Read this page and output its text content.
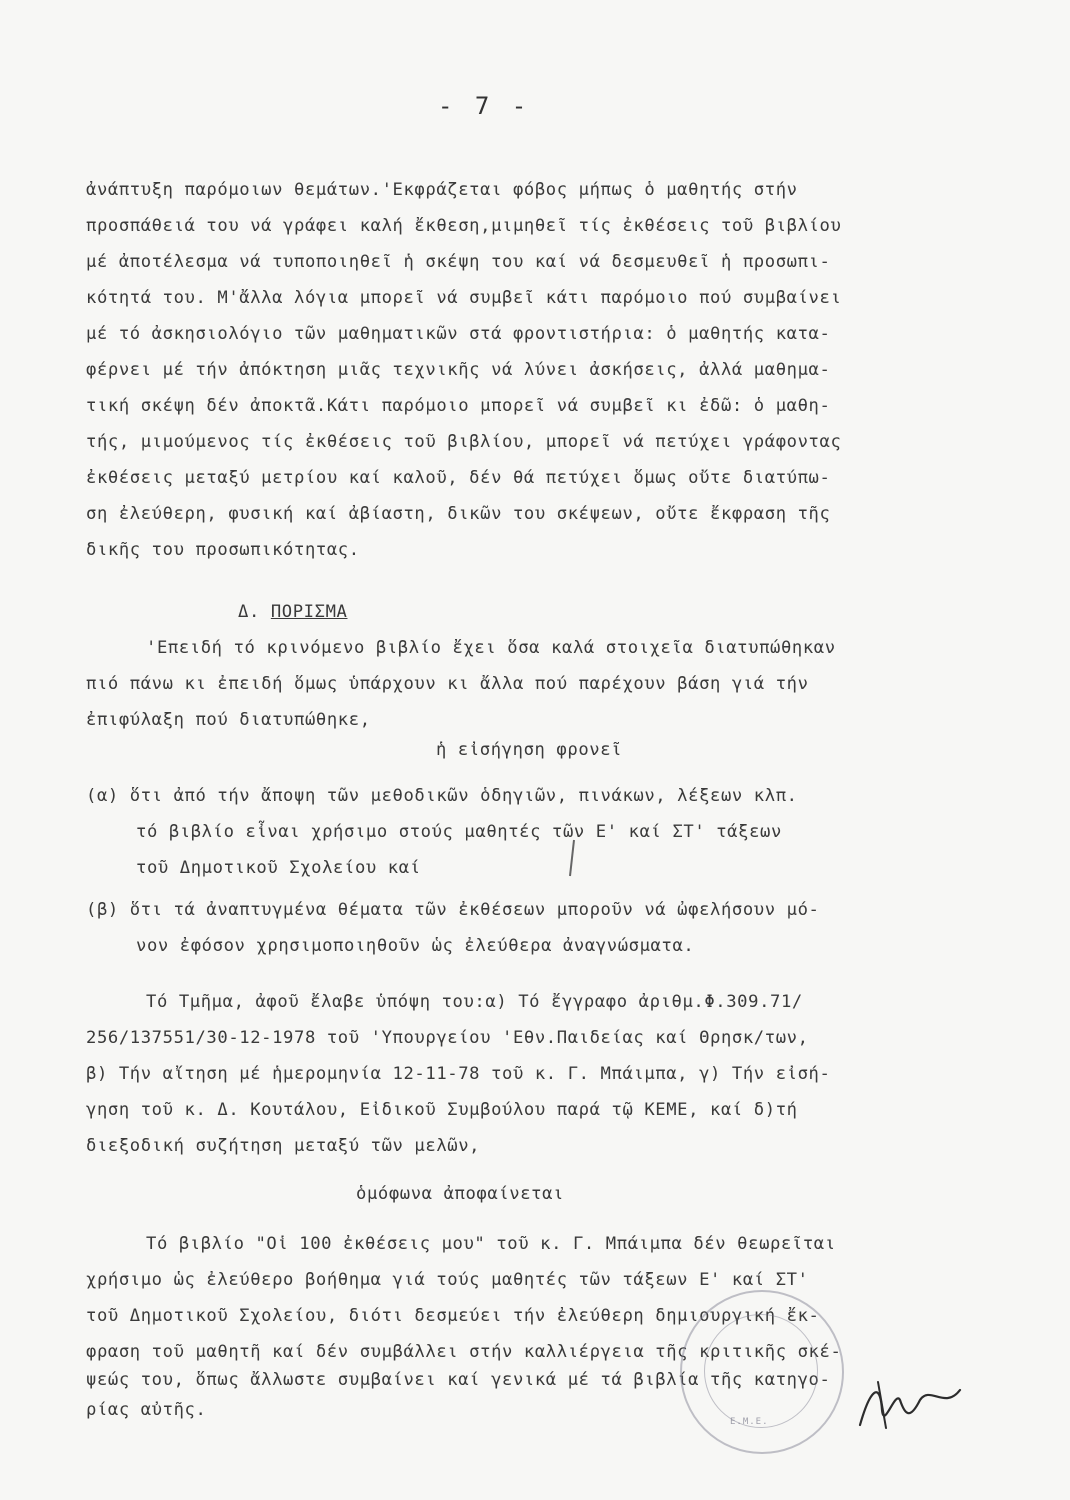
- 7 -
ἀνάπτυξη παρόμοιων θεμάτων.'Εκφράζεται φόβος μήπως ὁ μαθητής στήν
προσπάθειά του νά γράφει καλή ἔκθεση,μιμηθεῖ τίς ἐκθέσεις τοῦ βιβλίου
μέ ἀποτέλεσμα νά τυποποιηθεῖ ἡ σκέψη του καί νά δεσμευθεῖ ἡ προσωπι-
κότητά του. Μ'ἄλλα λόγια μπορεῖ νά συμβεῖ κάτι παρόμοιο πού συμβαίνει
μέ τό ἀσκησιολόγιο τῶν μαθηματικῶν στά φροντιστήρια: ὁ μαθητής κατα-
φέρνει μέ τήν ἀπόκτηση μιᾶς τεχνικῆς νά λύνει ἀσκήσεις, ἀλλά μαθημα-
τική σκέψη δέν ἀποκτᾶ.Κάτι παρόμοιο μπορεῖ νά συμβεῖ κι ἐδῶ: ὁ μαθη-
τής, μιμούμενος τίς ἐκθέσεις τοῦ βιβλίου, μπορεῖ νά πετύχει γράφοντας
ἐκθέσεις μεταξύ μετρίου καί καλοῦ, δέν θά πετύχει ὅμως οὔτε διατύπω-
ση ἐλεύθερη, φυσική καί ἀβίαστη, δικῶν του σκέψεων, οὔτε ἔκφραση τῆς
δικῆς του προσωπικότητας.
Δ. ΠΟΡΙΣΜΑ
'Επειδή τό κρινόμενο βιβλίο ἔχει ὅσα καλά στοιχεῖα διατυπώθηκαν
πιό πάνω κι ἐπειδή ὅμως ὑπάρχουν κι ἄλλα πού παρέχουν βάση γιά τήν
ἐπιφύλαξη πού διατυπώθηκε,
ἡ εἰσήγηση φρονεῖ
(α) ὅτι ἀπό τήν ἄποψη τῶν μεθοδικῶν ὁδηγιῶν, πινάκων, λέξεων κλπ.
τό βιβλίο εἶναι χρήσιμο στούς μαθητές τῶν Ε' καί ΣΤ' τάξεων
τοῦ Δημοτικοῦ Σχολείου καί
(β) ὅτι τά ἀναπτυγμένα θέματα τῶν ἐκθέσεων μποροῦν νά ὠφελήσουν μό-
νον ἐφόσον χρησιμοποιηθοῦν ὡς ἐλεύθερα ἀναγνώσματα.
Τό Τμῆμα, ἀφοῦ ἔλαβε ὑπόψη του:α) Τό ἔγγραφο ἀριθμ.Φ.309.71/
256/137551/30-12-1978 τοῦ 'Υπουργείου 'Εθν.Παιδείας καί Θρησκ/των,
β) Τήν αἴτηση μέ ἡμερομηνία 12-11-78 τοῦ κ. Γ. Μπάιμπα, γ) Τήν εἰσή-
γηση τοῦ κ. Δ. Κουτάλου, Εἰδικοῦ Συμβούλου παρά τῷ ΚΕΜΕ, καί δ)τή
διεξοδική συζήτηση μεταξύ τῶν μελῶν,
ὁμόφωνα ἀποφαίνεται
Τό βιβλίο "Οἱ 100 ἐκθέσεις μου" τοῦ κ. Γ. Μπάιμπα δέν θεωρεῖται
χρήσιμο ὡς ἐλεύθερο βοήθημα γιά τούς μαθητές τῶν τάξεων Ε' καί ΣΤ'
τοῦ Δημοτικοῦ Σχολείου, διότι δεσμεύει τήν ἐλεύθερη δημιουργική ἔκ-
φραση τοῦ μαθητῆ καί δέν συμβάλλει στήν καλλιέργεια τῆς κριτικῆς σκέ-
ψεώς του, ὅπως ἄλλωστε συμβαίνει καί γενικά μέ τά βιβλία τῆς κατηγο-
ρίας αὐτῆς.
Ε.Μ.Ε.
